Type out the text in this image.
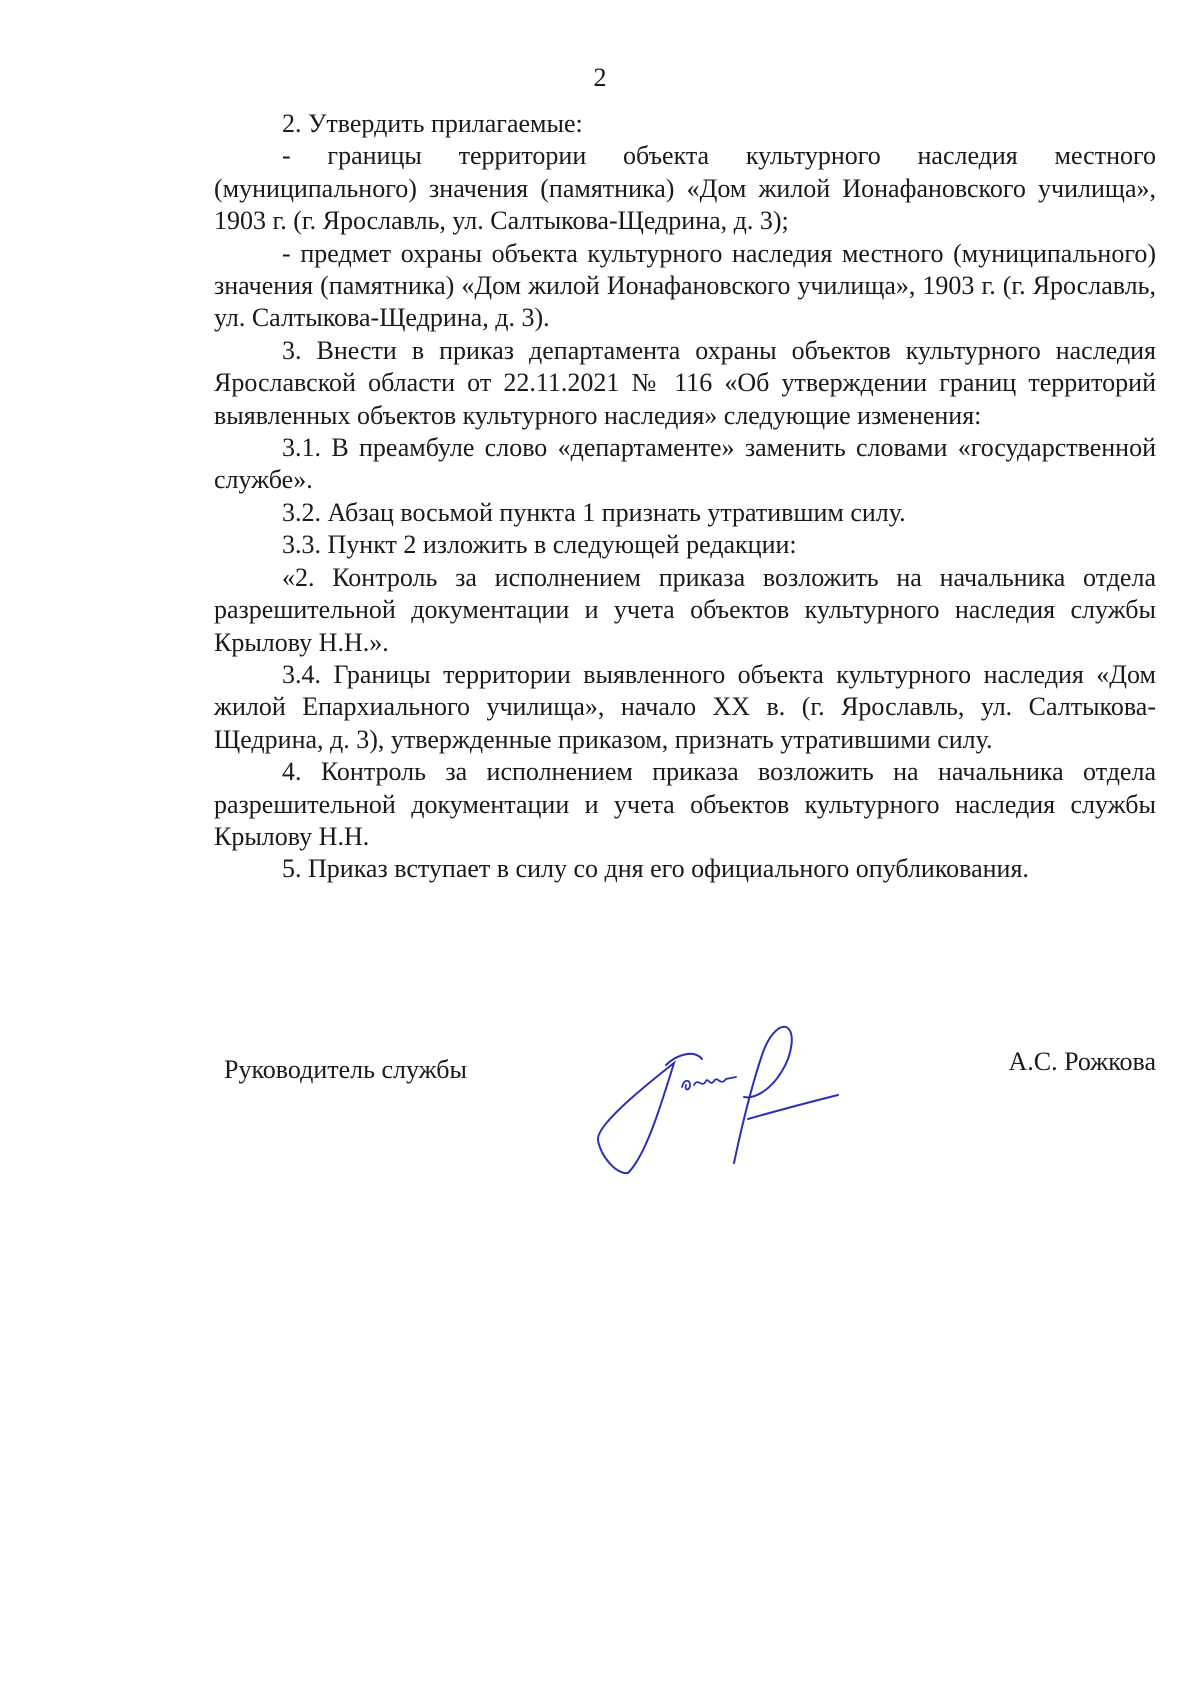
2

2. Утвердить прилагаемые:

- границы территории объекта культурного наследия местного (муниципального) значения (памятника) «Дом жилой Ионафановского училища», 1903 г. (г. Ярославль, ул. Салтыкова-Щедрина, д. 3);

- предмет охраны объекта культурного наследия местного (муниципального) значения (памятника) «Дом жилой Ионафановского училища», 1903 г. (г. Ярославль, ул. Салтыкова-Щедрина, д. 3).

3. Внести в приказ департамента охраны объектов культурного наследия Ярославской области от 22.11.2021 № 116 «Об утверждении границ территорий выявленных объектов культурного наследия» следующие изменения:

3.1. В преамбуле слово «департаменте» заменить словами «государственной службе».

3.2. Абзац восьмой пункта 1 признать утратившим силу.

3.3. Пункт 2 изложить в следующей редакции:

«2. Контроль за исполнением приказа возложить на начальника отдела разрешительной документации и учета объектов культурного наследия службы Крылову Н.Н.».

3.4. Границы территории выявленного объекта культурного наследия «Дом жилой Епархиального училища», начало XX в. (г. Ярославль, ул. Салтыкова-Щедрина, д. 3), утвержденные приказом, признать утратившими силу.

4. Контроль за исполнением приказа возложить на начальника отдела разрешительной документации и учета объектов культурного наследия службы Крылову Н.Н.

5. Приказ вступает в силу со дня его официального опубликования.

Руководитель службы	А.С. Рожкова
